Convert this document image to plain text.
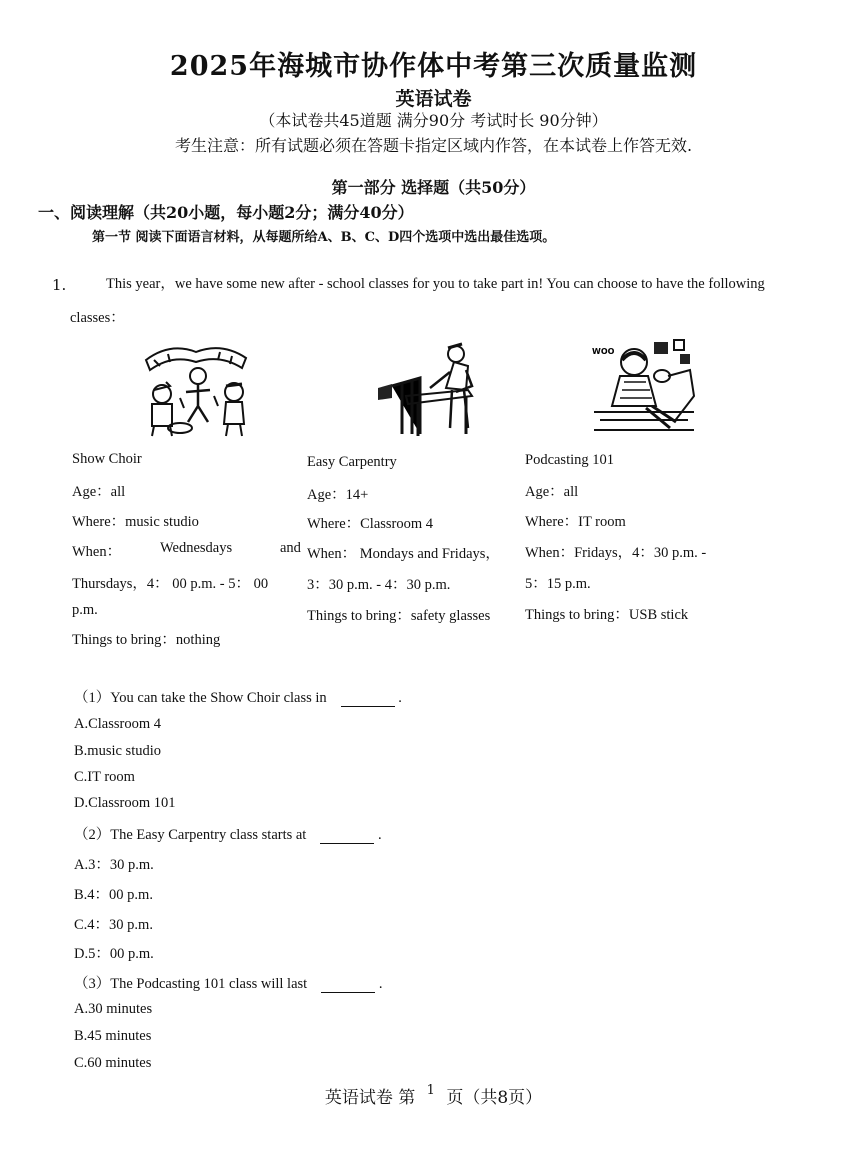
2025年海城市协作体中考第三次质量监测
英语试卷
（本试卷共45道题 满分90分 考试时长 90分钟）
考生注意：所有试题必须在答题卡指定区域内作答，在本试卷上作答无效.
第一部分 选择题（共50分）
一、阅读理解（共20小题，每小题2分；满分40分）
第一节 阅读下面语言材料，从每题所给A、B、C、D四个选项中选出最佳选项。
1.	This year，we have some new after - school classes for you to take part in! You can choose to have the following
classes：
WOO
Show Choir
Age：all
Where：music studio
When：	Wednesdays	and
Thursdays，4： 00 p.m. - 5： 00
p.m.
Things to bring：nothing
Easy Carpentry
Age：14+
Where：Classroom 4
When： Mondays and Fridays，
3：30 p.m. - 4：30 p.m.
Things to bring：safety glasses
Podcasting 101
Age：all
Where：IT room
When：Fridays，4：30 p.m. -
5：15 p.m.
Things to bring：USB stick
（1）You can take the Show Choir class in	.
A.Classroom 4
B.music studio
C.IT room
D.Classroom 101
（2）The Easy Carpentry class starts at	.
A.3：30 p.m.
B.4：00 p.m.
C.4：30 p.m.
D.5：00 p.m.
（3）The Podcasting 101 class will last	.
A.30 minutes
B.45 minutes
C.60 minutes
英语试卷 第 $^1$ 页（共8页）
